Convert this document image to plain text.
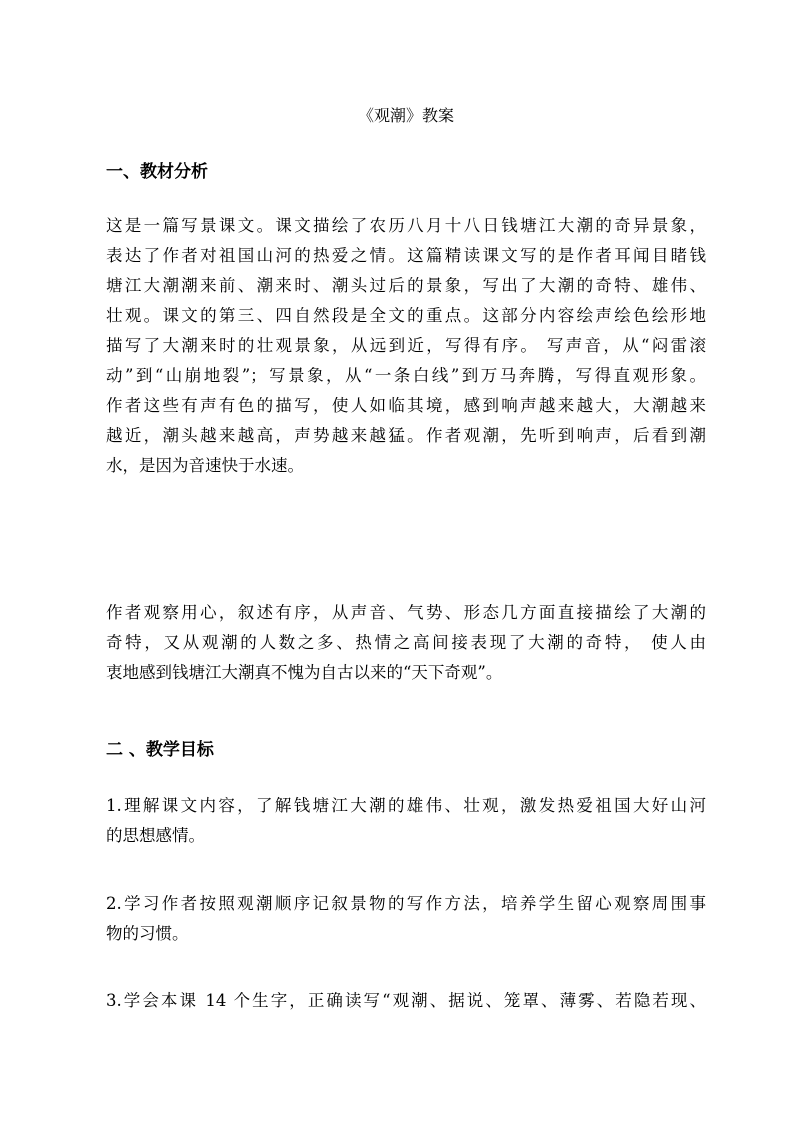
《观潮》教案
一、教材分析
这是一篇写景课文。课文描绘了农历八月十八日钱塘江大潮的奇异景象，
表达了作者对祖国山河的热爱之情。这篇精读课文写的是作者耳闻目睹钱
塘江大潮潮来前、潮来时、潮头过后的景象，写出了大潮的奇特、雄伟、
壮观。课文的第三、四自然段是全文的重点。这部分内容绘声绘色绘形地
描写了大潮来时的壮观景象，从远到近，写得有序。 写声音，从“闷雷滚
动”到“山崩地裂”；写景象，从“一条白线”到万马奔腾，写得直观形象。
作者这些有声有色的描写，使人如临其境，感到响声越来越大，大潮越来
越近，潮头越来越高，声势越来越猛。作者观潮，先听到响声，后看到潮
水，是因为音速快于水速。
作者观察用心，叙述有序，从声音、气势、形态几方面直接描绘了大潮的
奇特，又从观潮的人数之多、热情之高间接表现了大潮的奇特， 使人由
衷地感到钱塘江大潮真不愧为自古以来的“天下奇观”。
二 、教学目标
1.理解课文内容，了解钱塘江大潮的雄伟、壮观，激发热爱祖国大好山河
的思想感情。
2.学习作者按照观潮顺序记叙景物的写作方法，培养学生留心观察周围事
物的习惯。
3.学会本课 14 个生字，正确读写“观潮、据说、笼罩、薄雾、若隐若现、
